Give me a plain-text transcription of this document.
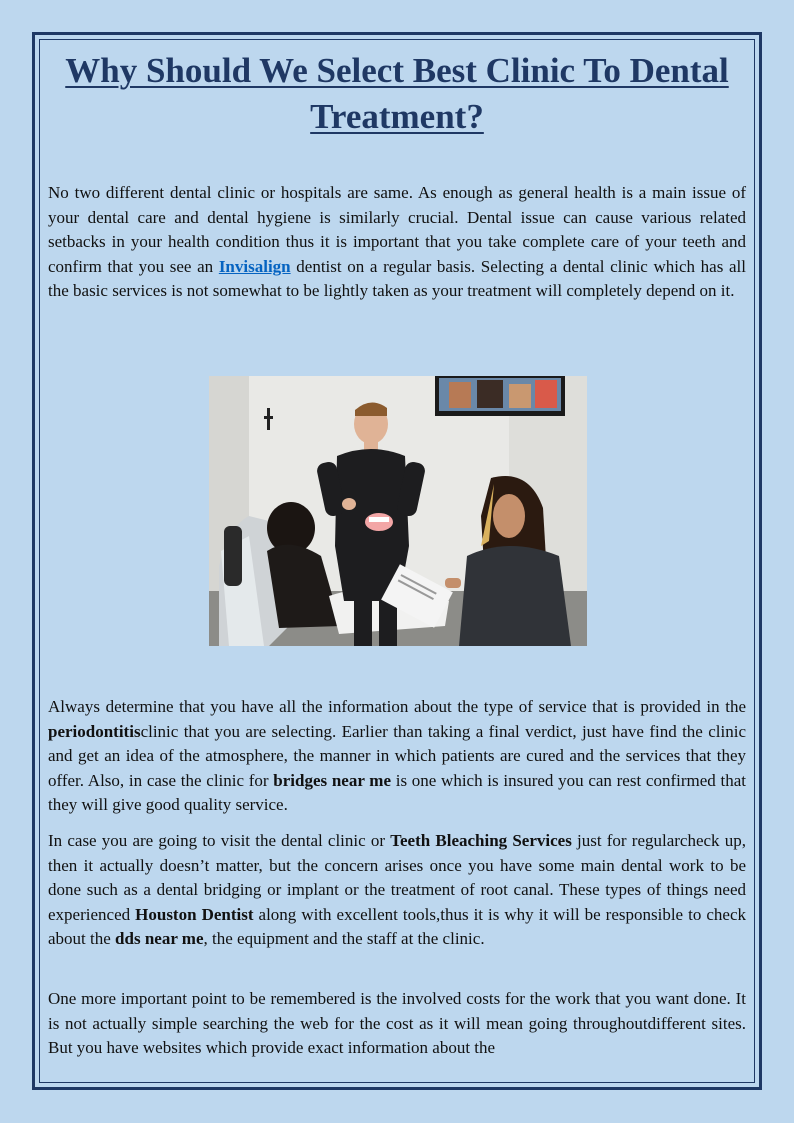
Why Should We Select Best Clinic To Dental Treatment?

No two different dental clinic or hospitals are same. As enough as general health is a main issue of your dental care and dental hygiene is similarly crucial. Dental issue can cause various related setbacks in your health condition thus it is important that you take complete care of your teeth and confirm that you see an Invisalign dentist on a regular basis. Selecting a dental clinic which has all the basic services is not somewhat to be lightly taken as your treatment will completely depend on it.

Always determine that you have all the information about the type of service that is provided in the periodontitisclinic that you are selecting. Earlier than taking a final verdict, just have find the clinic and get an idea of the atmosphere, the manner in which patients are cured and the services that they offer. Also, in case the clinic for bridges near me is one which is insured you can rest confirmed that they will give good quality service.

In case you are going to visit the dental clinic or Teeth Bleaching Services just for regularcheck up, then it actually doesn’t matter, but the concern arises once you have some main dental work to be done such as a dental bridging or implant or the treatment of root canal. These types of things need experienced Houston Dentist along with excellent tools,thus it is why it will be responsible to check about the dds near me, the equipment and the staff at the clinic.

One more important point to be remembered is the involved costs for the work that you want done. It is not actually simple searching the web for the cost as it will mean going throughoutdifferent sites. But you have websites which provide exact information about the
